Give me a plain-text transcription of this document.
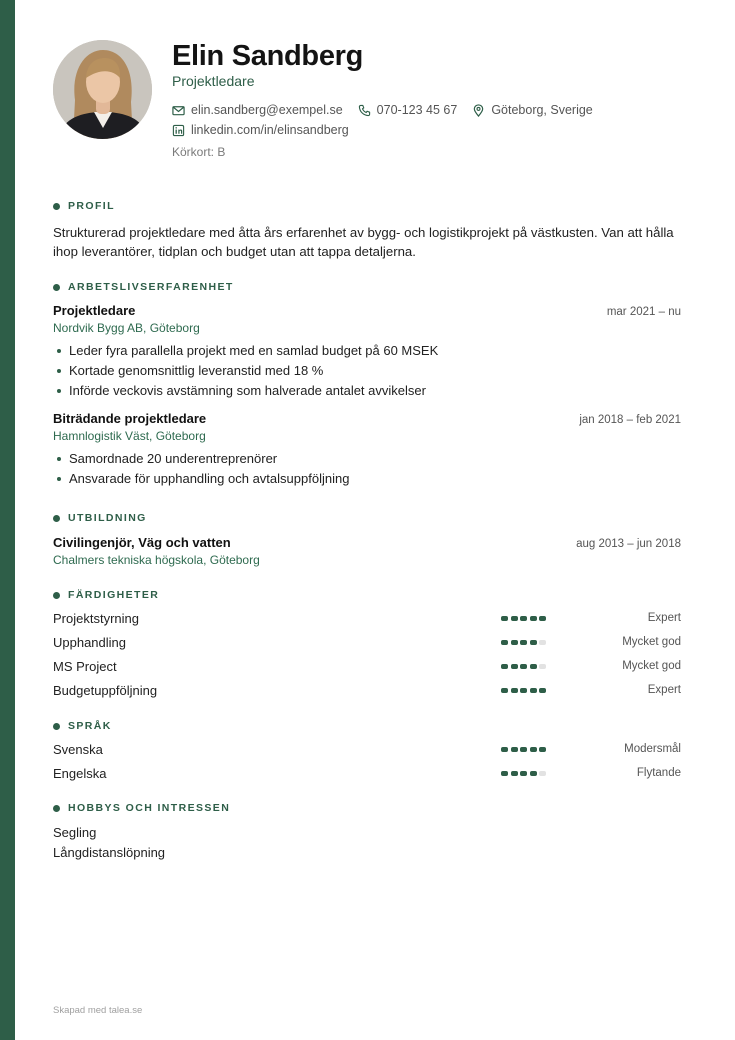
Elin Sandberg
Projektledare
elin.sandberg@exempel.se	070-123 45 67	Göteborg, Sverige
linkedin.com/in/elinsandberg
Körkort: B
PROFIL
Strukturerad projektledare med åtta års erfarenhet av bygg- och logistikprojekt på västkusten. Van att hålla ihop leverantörer, tidplan och budget utan att tappa detaljerna.
ARBETSLIVSERFARENHET
Projektledare	mar 2021 – nu
Nordvik Bygg AB, Göteborg
Leder fyra parallella projekt med en samlad budget på 60 MSEK
Kortade genomsnittlig leveranstid med 18 %
Införde veckovis avstämning som halverade antalet avvikelser
Biträdande projektledare	jan 2018 – feb 2021
Hamnlogistik Väst, Göteborg
Samordnade 20 underentreprenörer
Ansvarade för upphandling och avtalsuppföljning
UTBILDNING
Civilingenjör, Väg och vatten	aug 2013 – jun 2018
Chalmers tekniska högskola, Göteborg
FÄRDIGHETER
Projektstyrning	Expert
Upphandling	Mycket god
MS Project	Mycket god
Budgetuppföljning	Expert
SPRÅK
Svenska	Modersmål
Engelska	Flytande
HOBBYS OCH INTRESSEN
Segling
Långdistanslöpning
Skapad med talea.se
